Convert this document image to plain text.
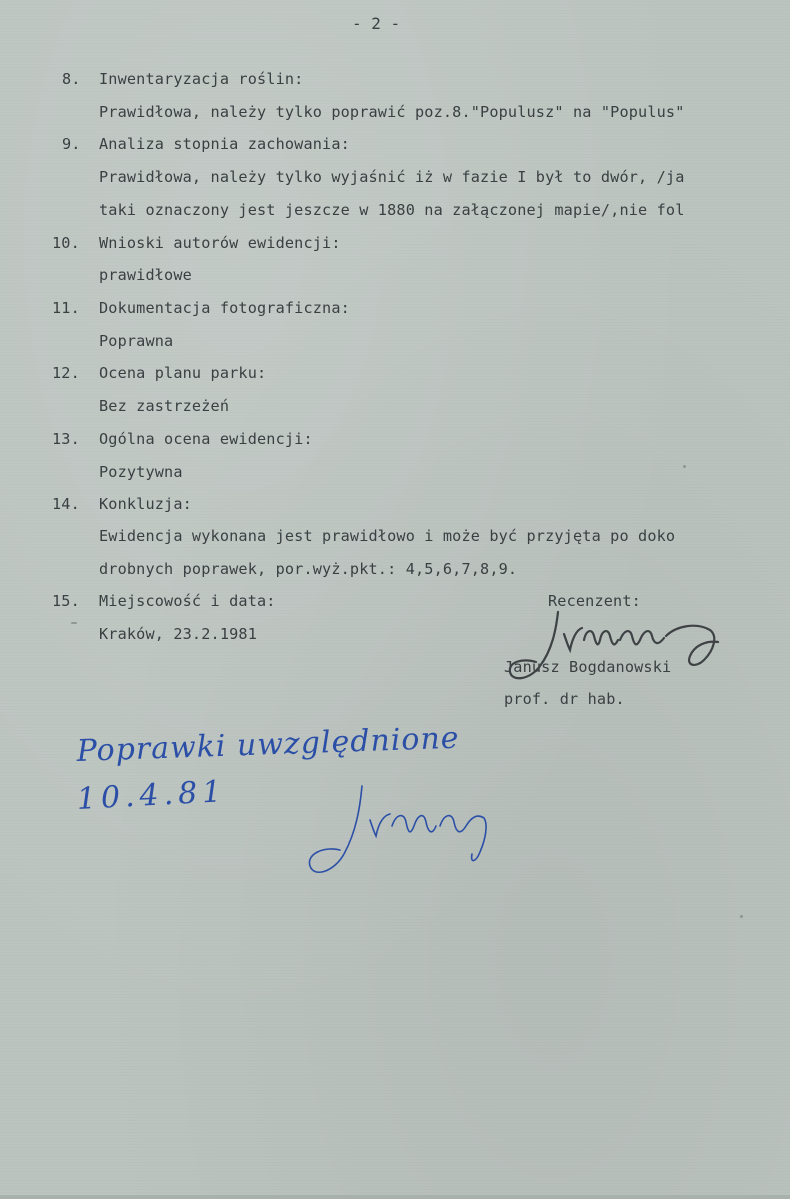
- 2 -
8. Inwentaryzacja roślin:
Prawidłowa, należy tylko poprawić poz.8."Populusz" na "Populus"
9. Analiza stopnia zachowania:
Prawidłowa, należy tylko wyjaśnić iż w fazie I był to dwór, /ja
taki oznaczony jest jeszcze w 1880 na załączonej mapie/,nie fol
10. Wnioski autorów ewidencji:
prawidłowe
11. Dokumentacja fotograficzna:
Poprawna
12. Ocena planu parku:
Bez zastrzeżeń
13. Ogólna ocena ewidencji:
Pozytywna
14. Konkluzja:
Ewidencja wykonana jest prawidłowo i może być przyjęta po doko
drobnych poprawek, por.wyż.pkt.: 4,5,6,7,8,9.
15. Miejscowość i data:
Kraków, 23.2.1981
Recenzent:
Janusz Bogdanowski
prof. dr hab.
Poprawki uwzględnione
10.4.81
